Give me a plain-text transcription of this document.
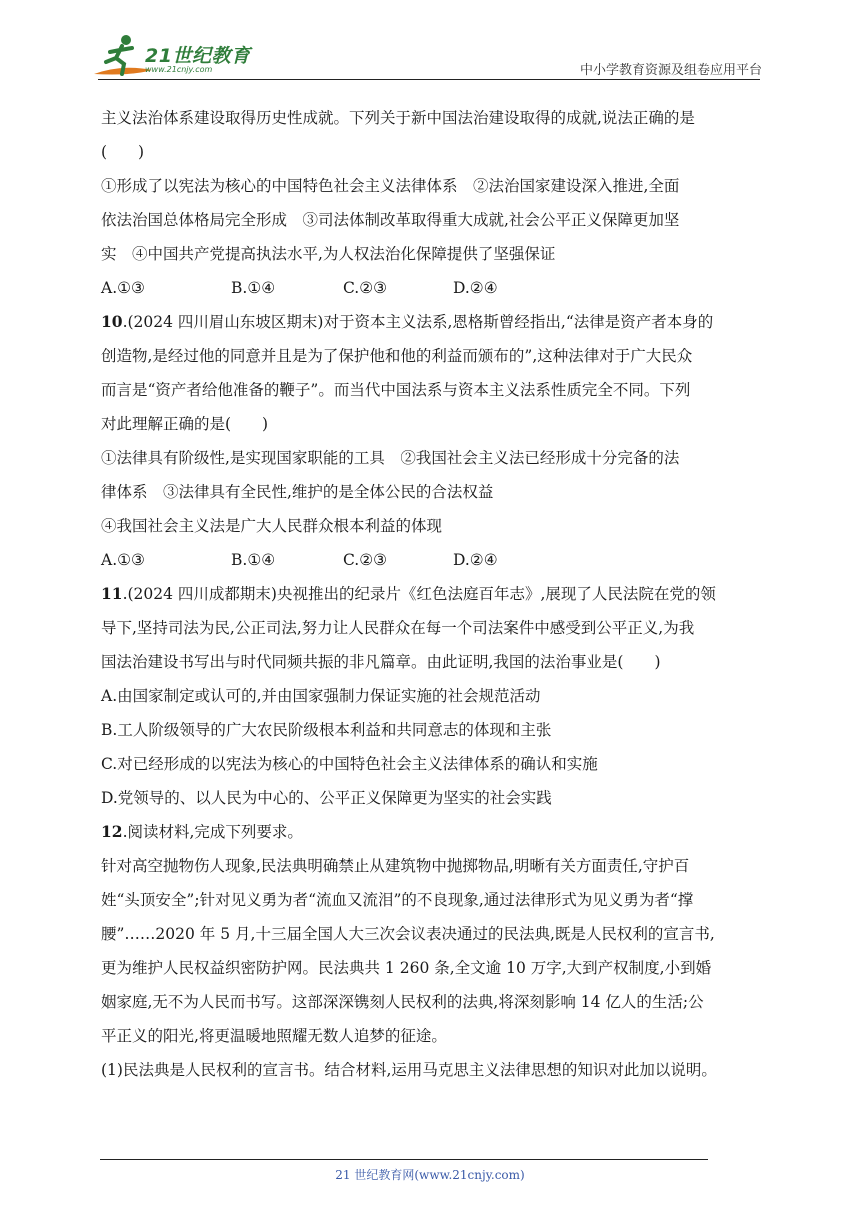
21世纪教育
www.21cnjy.com	中小学教育资源及组卷应用平台
主义法治体系建设取得历史性成就。下列关于新中国法治建设取得的成就,说法正确的是
(　　)
①形成了以宪法为核心的中国特色社会主义法律体系　②法治国家建设深入推进,全面
依法治国总体格局完全形成　③司法体制改革取得重大成就,社会公平正义保障更加坚
实　④中国共产党提高执法水平,为人权法治化保障提供了坚强保证
A.①③	B.①④	C.②③	D.②④
10.(2024 四川眉山东坡区期末)对于资本主义法系,恩格斯曾经指出,“法律是资产者本身的
创造物,是经过他的同意并且是为了保护他和他的利益而颁布的”,这种法律对于广大民众
而言是“资产者给他准备的鞭子”。而当代中国法系与资本主义法系性质完全不同。下列
对此理解正确的是(　　)
①法律具有阶级性,是实现国家职能的工具　②我国社会主义法已经形成十分完备的法
律体系　③法律具有全民性,维护的是全体公民的合法权益
④我国社会主义法是广大人民群众根本利益的体现
A.①③	B.①④	C.②③	D.②④
11.(2024 四川成都期末)央视推出的纪录片《红色法庭百年志》,展现了人民法院在党的领
导下,坚持司法为民,公正司法,努力让人民群众在每一个司法案件中感受到公平正义,为我
国法治建设书写出与时代同频共振的非凡篇章。由此证明,我国的法治事业是(　　)
A.由国家制定或认可的,并由国家强制力保证实施的社会规范活动
B.工人阶级领导的广大农民阶级根本利益和共同意志的体现和主张
C.对已经形成的以宪法为核心的中国特色社会主义法律体系的确认和实施
D.党领导的、以人民为中心的、公平正义保障更为坚实的社会实践
12.阅读材料,完成下列要求。
针对高空抛物伤人现象,民法典明确禁止从建筑物中抛掷物品,明晰有关方面责任,守护百
姓“头顶安全”;针对见义勇为者“流血又流泪”的不良现象,通过法律形式为见义勇为者“撑
腰”……2020 年 5 月,十三届全国人大三次会议表决通过的民法典,既是人民权利的宣言书,
更为维护人民权益织密防护网。民法典共 1 260 条,全文逾 10 万字,大到产权制度,小到婚
姻家庭,无不为人民而书写。这部深深镌刻人民权利的法典,将深刻影响 14 亿人的生活;公
平正义的阳光,将更温暖地照耀无数人追梦的征途。
(1)民法典是人民权利的宣言书。结合材料,运用马克思主义法律思想的知识对此加以说明。
21 世纪教育网(www.21cnjy.com)
